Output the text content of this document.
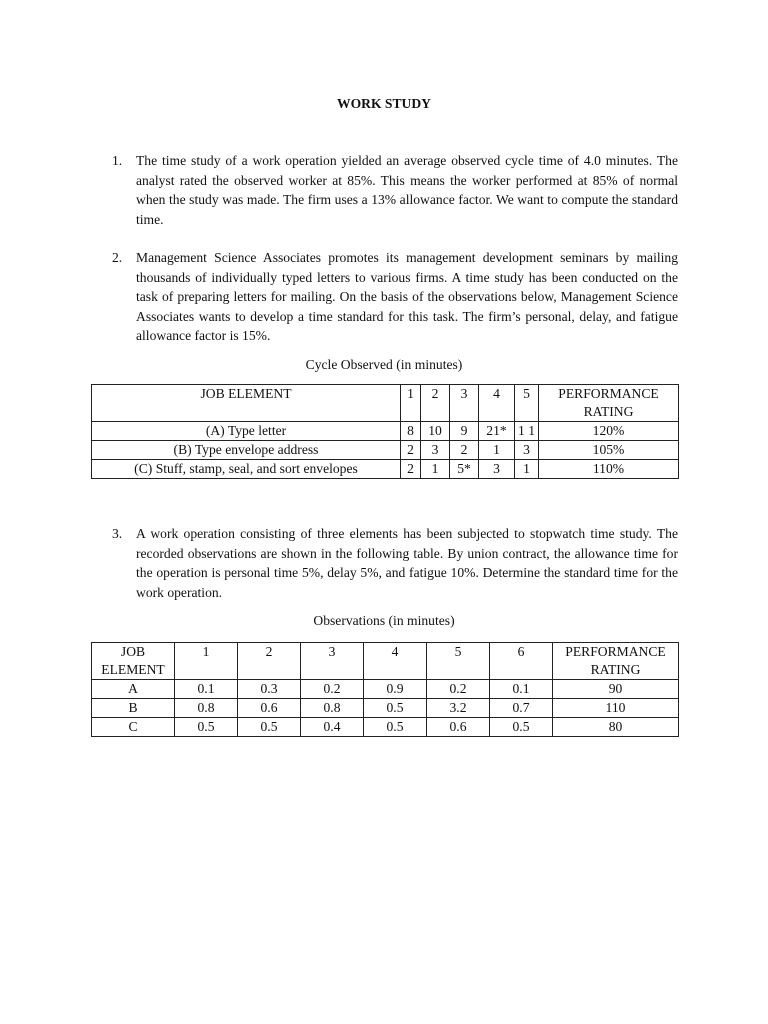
WORK STUDY
1. The time study of a work operation yielded an average observed cycle time of 4.0 minutes. The analyst rated the observed worker at 85%. This means the worker performed at 85% of normal when the study was made. The firm uses a 13% allowance factor. We want to compute the standard time.
2. Management Science Associates promotes its management development seminars by mailing thousands of individually typed letters to various firms. A time study has been conducted on the task of preparing letters for mailing. On the basis of the observations below, Management Science Associates wants to develop a time standard for this task. The firm’s personal, delay, and fatigue allowance factor is 15%.
Cycle Observed (in minutes)
JOB ELEMENT	1	2	3	4	5	PERFORMANCE RATING
(A) Type letter	8	10	9	21*	1 1	120%
(B) Type envelope address	2	3	2	1	3	105%
(C) Stuff, stamp, seal, and sort envelopes	2	1	5*	3	1	110%
3. A work operation consisting of three elements has been subjected to stopwatch time study. The recorded observations are shown in the following table. By union contract, the allowance time for the operation is personal time 5%, delay 5%, and fatigue 10%. Determine the standard time for the work operation.
Observations (in minutes)
JOB ELEMENT	1	2	3	4	5	6	PERFORMANCE RATING
A	0.1	0.3	0.2	0.9	0.2	0.1	90
B	0.8	0.6	0.8	0.5	3.2	0.7	110
C	0.5	0.5	0.4	0.5	0.6	0.5	80
